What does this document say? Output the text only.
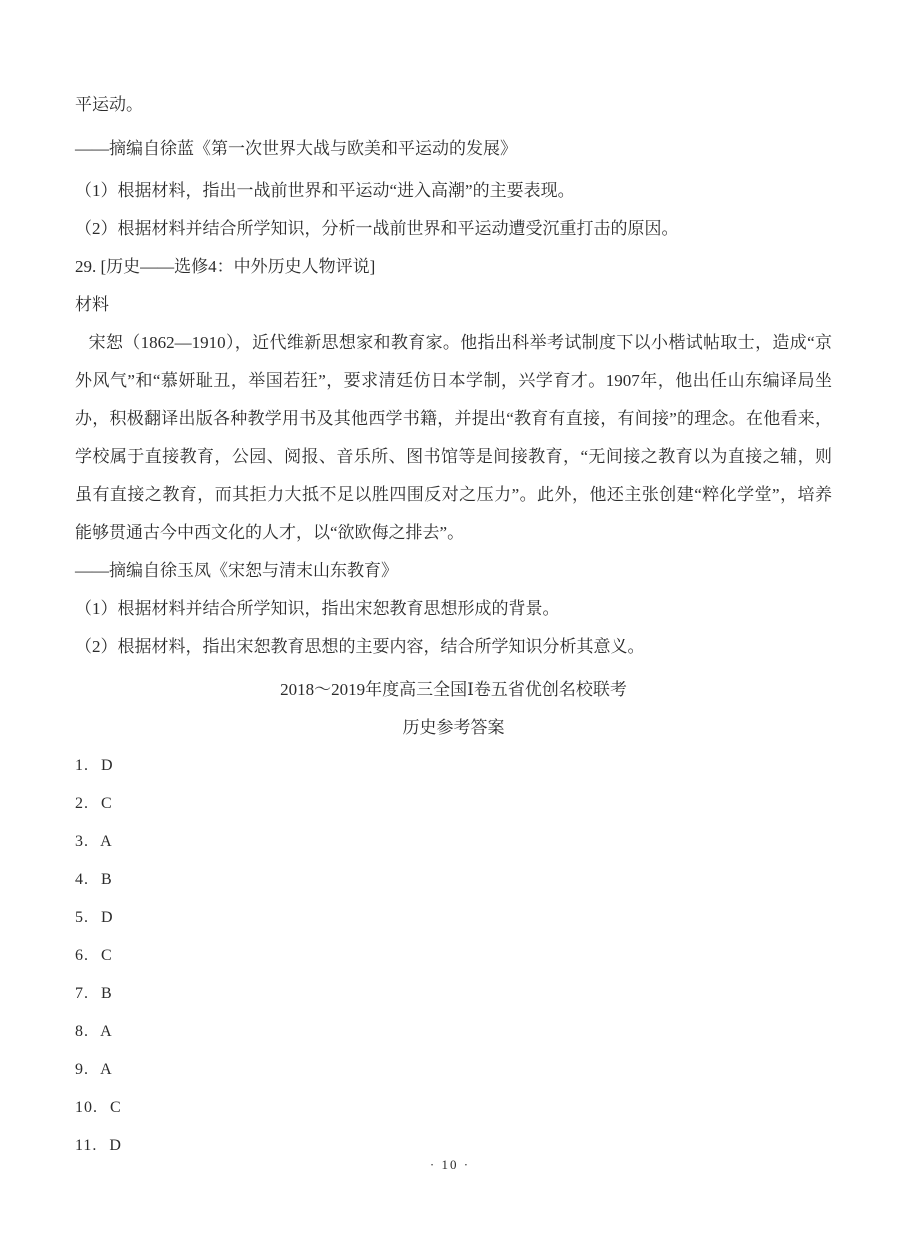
平运动。

——摘编自徐蓝《第一次世界大战与欧美和平运动的发展》

（1）根据材料，指出一战前世界和平运动“进入高潮”的主要表现。

（2）根据材料并结合所学知识，分析一战前世界和平运动遭受沉重打击的原因。

29. [历史——选修4：中外历史人物评说]

材料

宋恕（1862—1910），近代维新思想家和教育家。他指出科举考试制度下以小楷试帖取士，造成“京
外风气”和“慕妍耻丑，举国若狂”，要求清廷仿日本学制，兴学育才。1907年，他出任山东编译局坐
办，积极翻译出版各种教学用书及其他西学书籍，并提出“教育有直接，有间接”的理念。在他看来，
学校属于直接教育，公园、阅报、音乐所、图书馆等是间接教育，“无间接之教育以为直接之辅，则
虽有直接之教育，而其拒力大抵不足以胜四围反对之压力”。此外，他还主张创建“粹化学堂”，培养
能够贯通古今中西文化的人才，以“欲欧侮之排去”。

——摘编自徐玉凤《宋恕与清末山东教育》

（1）根据材料并结合所学知识，指出宋恕教育思想形成的背景。

（2）根据材料，指出宋恕教育思想的主要内容，结合所学知识分析其意义。

2018～2019年度高三全国Ⅰ卷五省优创名校联考

历史参考答案

1. D

2. C

3. A

4. B

5. D

6. C

7. B

8. A

9. A

10. C

11. D

· 10 ·
